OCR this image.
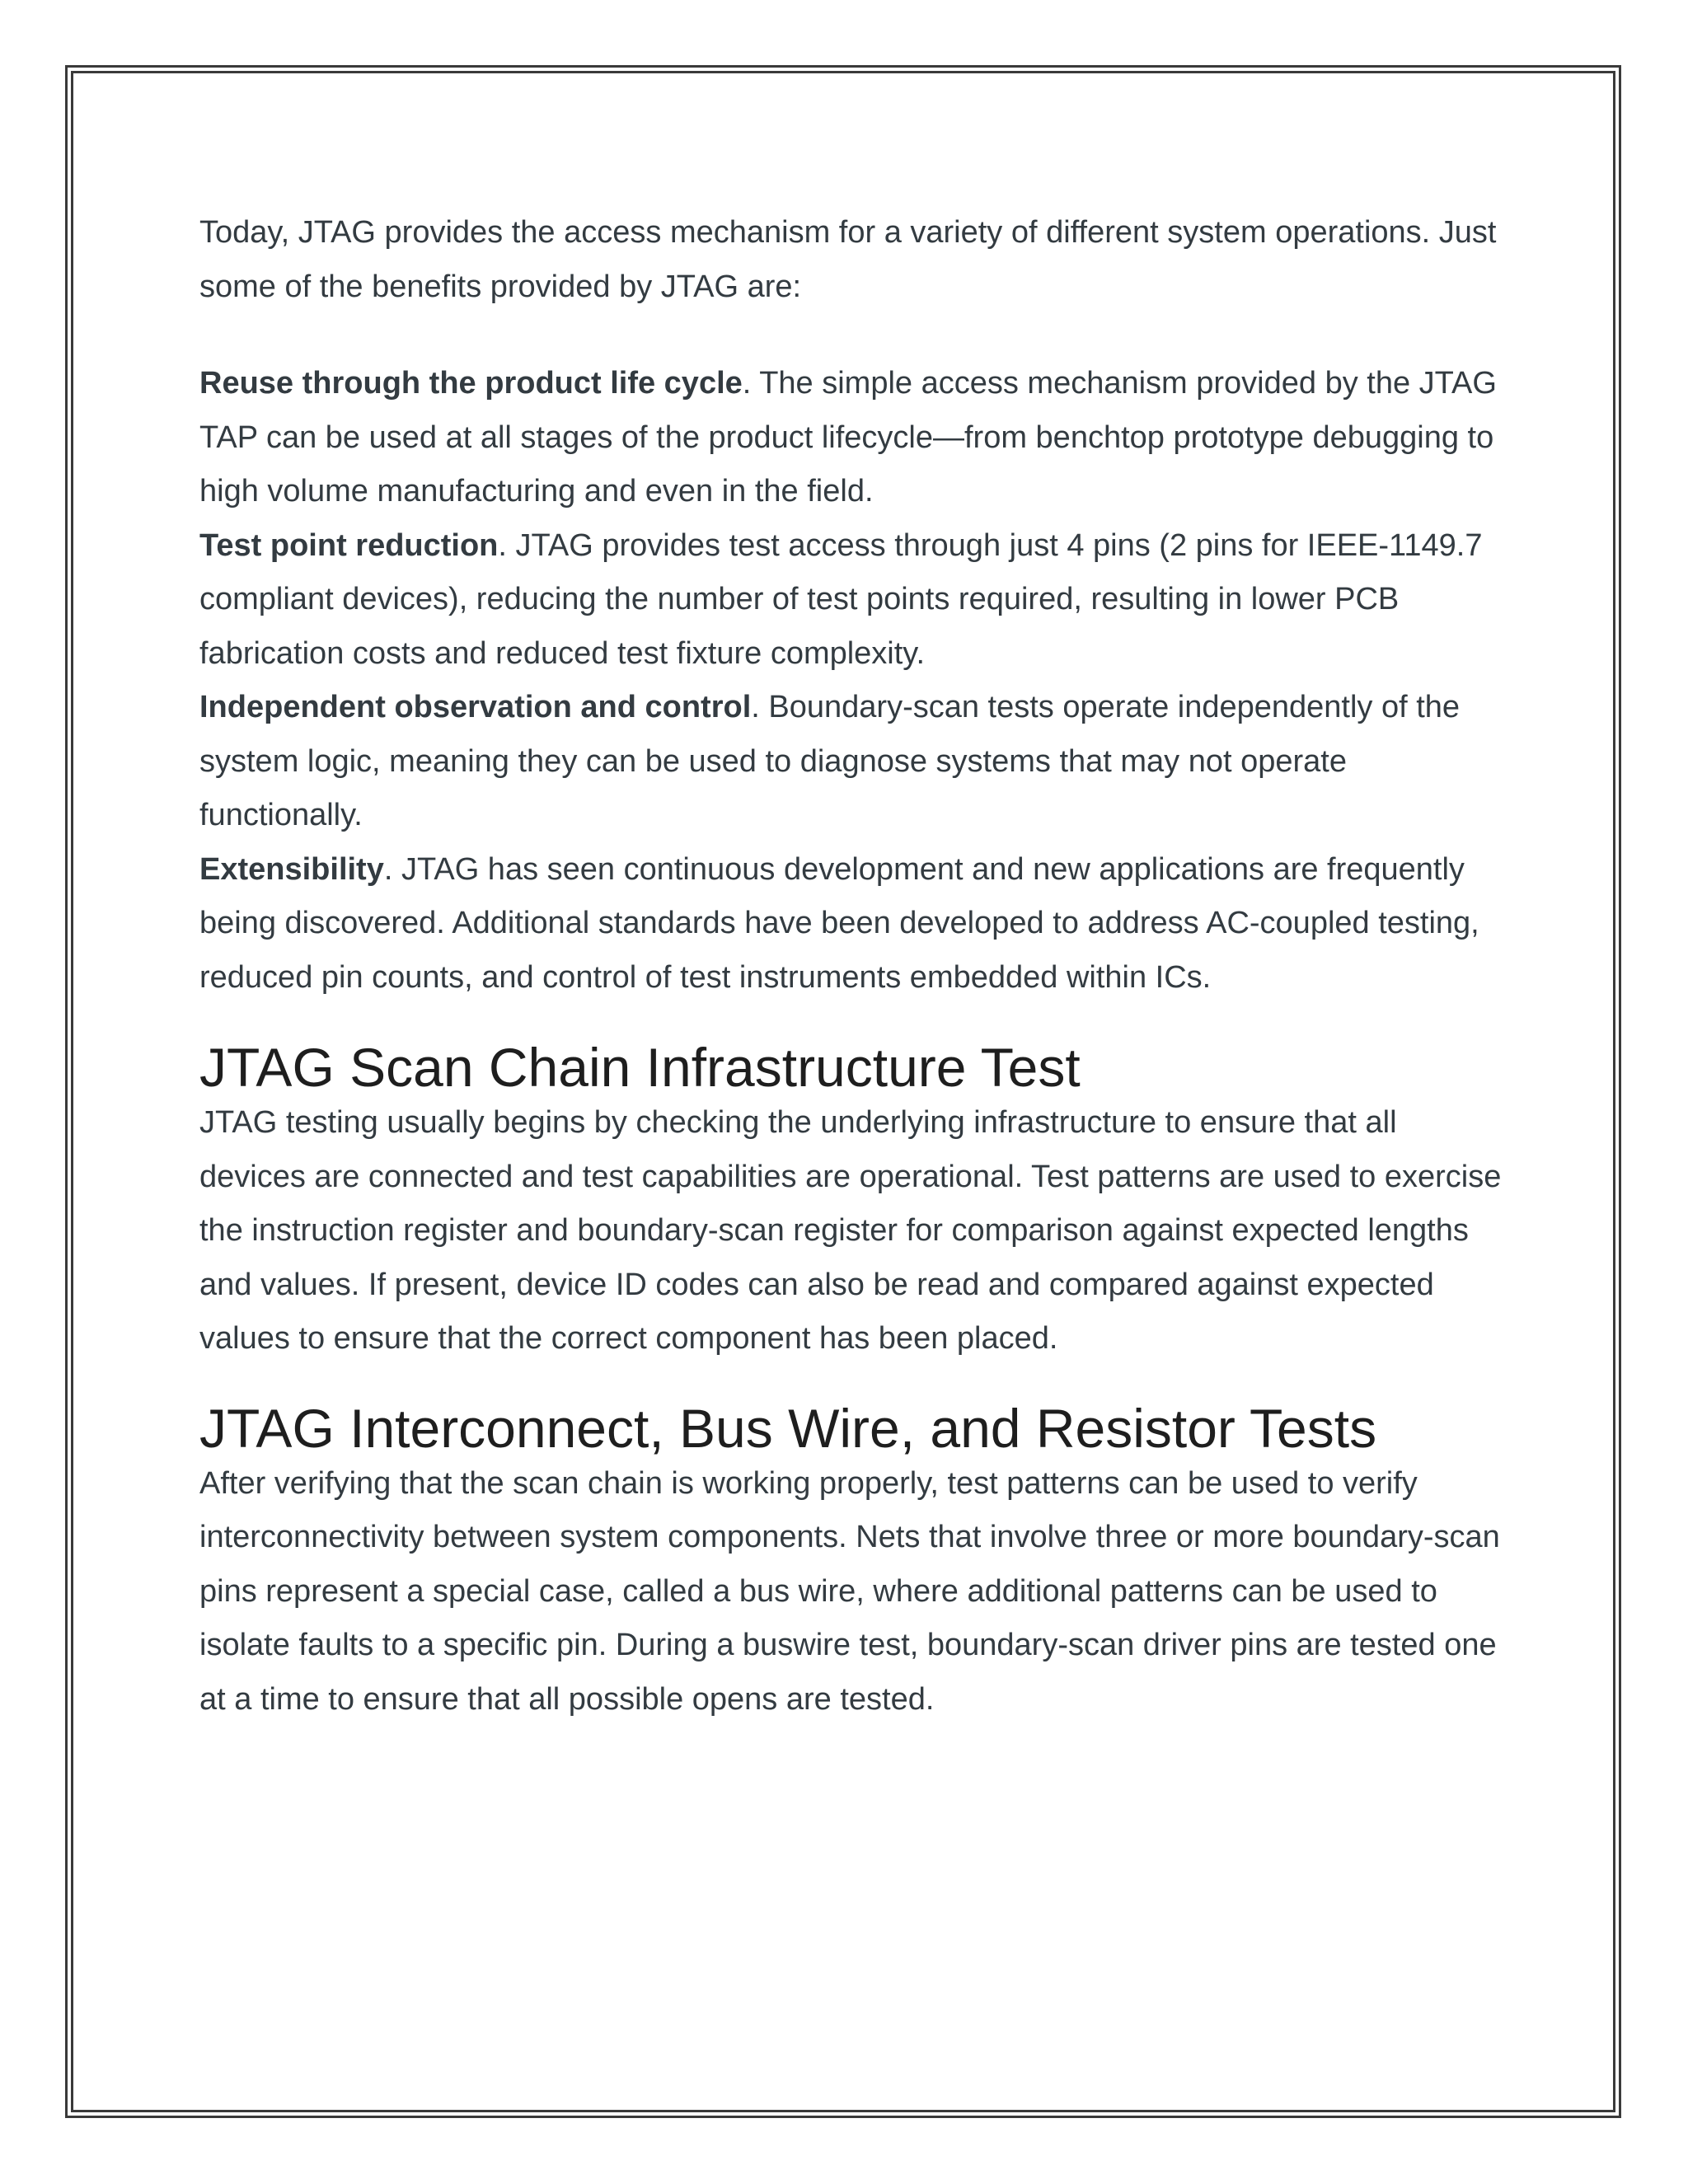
Today, JTAG provides the access mechanism for a variety of different system operations. Just some of the benefits provided by JTAG are:

Reuse through the product life cycle. The simple access mechanism provided by the JTAG TAP can be used at all stages of the product lifecycle—from benchtop prototype debugging to high volume manufacturing and even in the field.

Test point reduction. JTAG provides test access through just 4 pins (2 pins for IEEE-1149.7 compliant devices), reducing the number of test points required, resulting in lower PCB fabrication costs and reduced test fixture complexity.

Independent observation and control. Boundary-scan tests operate independently of the system logic, meaning they can be used to diagnose systems that may not operate functionally.

Extensibility. JTAG has seen continuous development and new applications are frequently being discovered. Additional standards have been developed to address AC-coupled testing, reduced pin counts, and control of test instruments embedded within ICs.

JTAG Scan Chain Infrastructure Test

JTAG testing usually begins by checking the underlying infrastructure to ensure that all devices are connected and test capabilities are operational. Test patterns are used to exercise the instruction register and boundary-scan register for comparison against expected lengths and values. If present, device ID codes can also be read and compared against expected values to ensure that the correct component has been placed.

JTAG Interconnect, Bus Wire, and Resistor Tests

After verifying that the scan chain is working properly, test patterns can be used to verify interconnectivity between system components. Nets that involve three or more boundary-scan pins represent a special case, called a bus wire, where additional patterns can be used to isolate faults to a specific pin. During a buswire test, boundary-scan driver pins are tested one at a time to ensure that all possible opens are tested.
